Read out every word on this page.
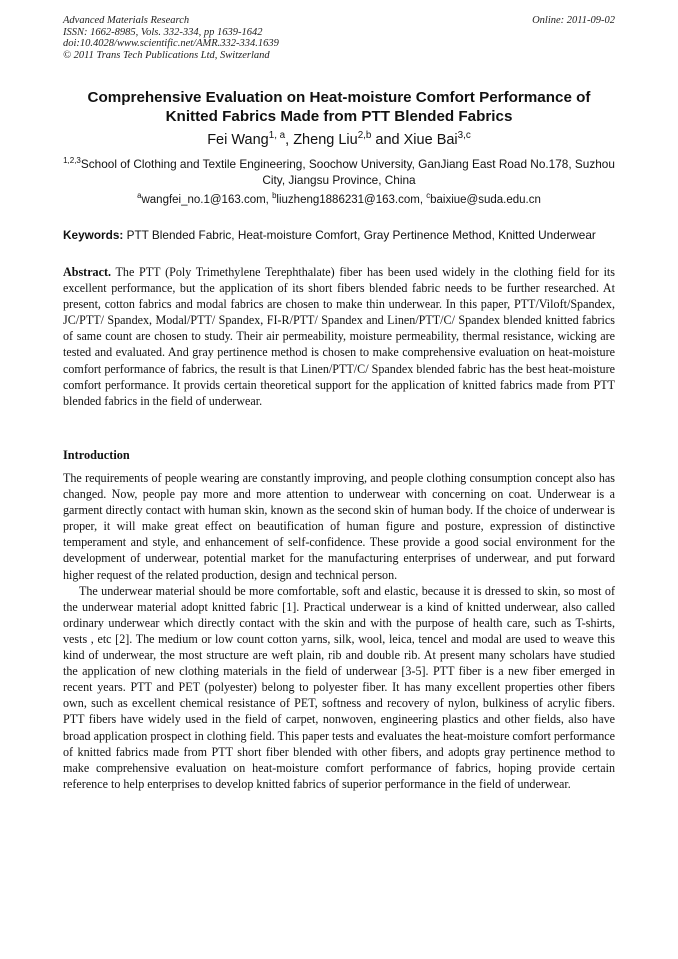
Advanced Materials Research
ISSN: 1662-8985, Vols. 332-334, pp 1639-1642
doi:10.4028/www.scientific.net/AMR.332-334.1639
© 2011 Trans Tech Publications Ltd, Switzerland
Online: 2011-09-02
Comprehensive Evaluation on Heat-moisture Comfort Performance of Knitted Fabrics Made from PTT Blended Fabrics
Fei Wang$^{1, a}$, Zheng Liu$^{2,b}$ and Xiue Bai$^{3,c}$
$^{1,2,3}$School of Clothing and Textile Engineering, Soochow University, GanJiang East Road No.178, Suzhou City, Jiangsu Province, China
$^a$wangfei_no.1@163.com, $^b$liuzheng1886231@163.com, $^c$baixiue@suda.edu.cn
Keywords: PTT Blended Fabric, Heat-moisture Comfort, Gray Pertinence Method, Knitted Underwear
Abstract. The PTT (Poly Trimethylene Terephthalate) fiber has been used widely in the clothing field for its excellent performance, but the application of its short fibers blended fabric needs to be further researched. At present, cotton fabrics and modal fabrics are chosen to make thin underwear. In this paper, PTT/Viloft/Spandex, JC/PTT/ Spandex, Modal/PTT/ Spandex, FI-R/PTT/ Spandex and Linen/PTT/C/ Spandex blended knitted fabrics of same count are chosen to study. Their air permeability, moisture permeability, thermal resistance, wicking are tested and evaluated. And gray pertinence method is chosen to make comprehensive evaluation on heat-moisture comfort performance of fabrics, the result is that Linen/PTT/C/ Spandex blended fabric has the best heat-moisture comfort performance. It provids certain theoretical support for the application of knitted fabrics made from PTT blended fabrics in the field of underwear.
Introduction

The requirements of people wearing are constantly improving, and people clothing consumption concept also has changed. Now, people pay more and more attention to underwear with concerning on coat. Underwear is a garment directly contact with human skin, known as the second skin of human body. If the choice of underwear is proper, it will make great effect on beautification of human figure and posture, expression of distinctive temperament and style, and enhancement of self-confidence. These provide a good social environment for the development of underwear, potential market for the manufacturing enterprises of underwear, and put forward higher request of the related production, design and technical person.

The underwear material should be more comfortable, soft and elastic, because it is dressed to skin, so most of the underwear material adopt knitted fabric [1]. Practical underwear is a kind of knitted underwear, also called ordinary underwear which directly contact with the skin and with the purpose of health care, such as T-shirts, vests , etc [2]. The medium or low count cotton yarns, silk, wool, leica, tencel and modal are used to weave this kind of underwear, the most structure are weft plain, rib and double rib. At present many scholars have studied the application of new clothing materials in the field of underwear [3-5]. PTT fiber is a new fiber emerged in recent years. PTT and PET (polyester) belong to polyester fiber. It has many excellent properties other fibers own, such as excellent chemical resistance of PET, softness and recovery of nylon, bulkiness of acrylic fibers. PTT fibers have widely used in the field of carpet, nonwoven, engineering plastics and other fields, also have broad application prospect in clothing field. This paper tests and evaluates the heat-moisture comfort performance of knitted fabrics made from PTT short fiber blended with other fibers, and adopts gray pertinence method to make comprehensive evaluation on heat-moisture comfort performance of fabrics, hoping provide certain reference to help enterprises to develop knitted fabrics of superior performance in the field of underwear.
